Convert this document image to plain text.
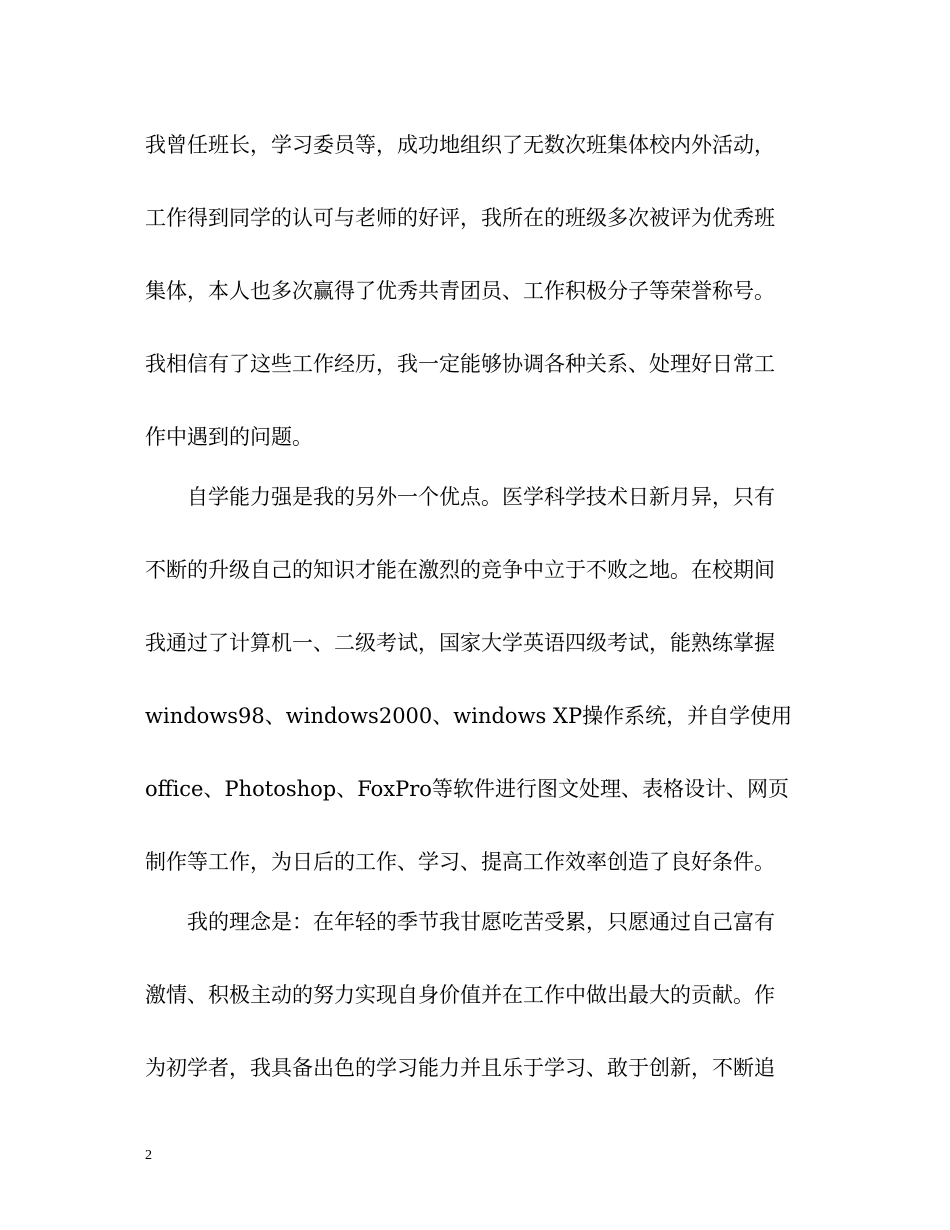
我曾任班长，学习委员等，成功地组织了无数次班集体校内外活动，
工作得到同学的认可与老师的好评，我所在的班级多次被评为优秀班
集体，本人也多次赢得了优秀共青团员、工作积极分子等荣誉称号。
我相信有了这些工作经历，我一定能够协调各种关系、处理好日常工
作中遇到的问题。
自学能力强是我的另外一个优点。医学科学技术日新月异，只有
不断的升级自己的知识才能在激烈的竞争中立于不败之地。在校期间
我通过了计算机一、二级考试，国家大学英语四级考试，能熟练掌握
windows98、windows2000、windows XP操作系统，并自学使用
office、Photoshop、FoxPro等软件进行图文处理、表格设计、网页
制作等工作，为日后的工作、学习、提高工作效率创造了良好条件。
我的理念是：在年轻的季节我甘愿吃苦受累，只愿通过自己富有
激情、积极主动的努力实现自身价值并在工作中做出最大的贡献。作
为初学者，我具备出色的学习能力并且乐于学习、敢于创新，不断追
2
